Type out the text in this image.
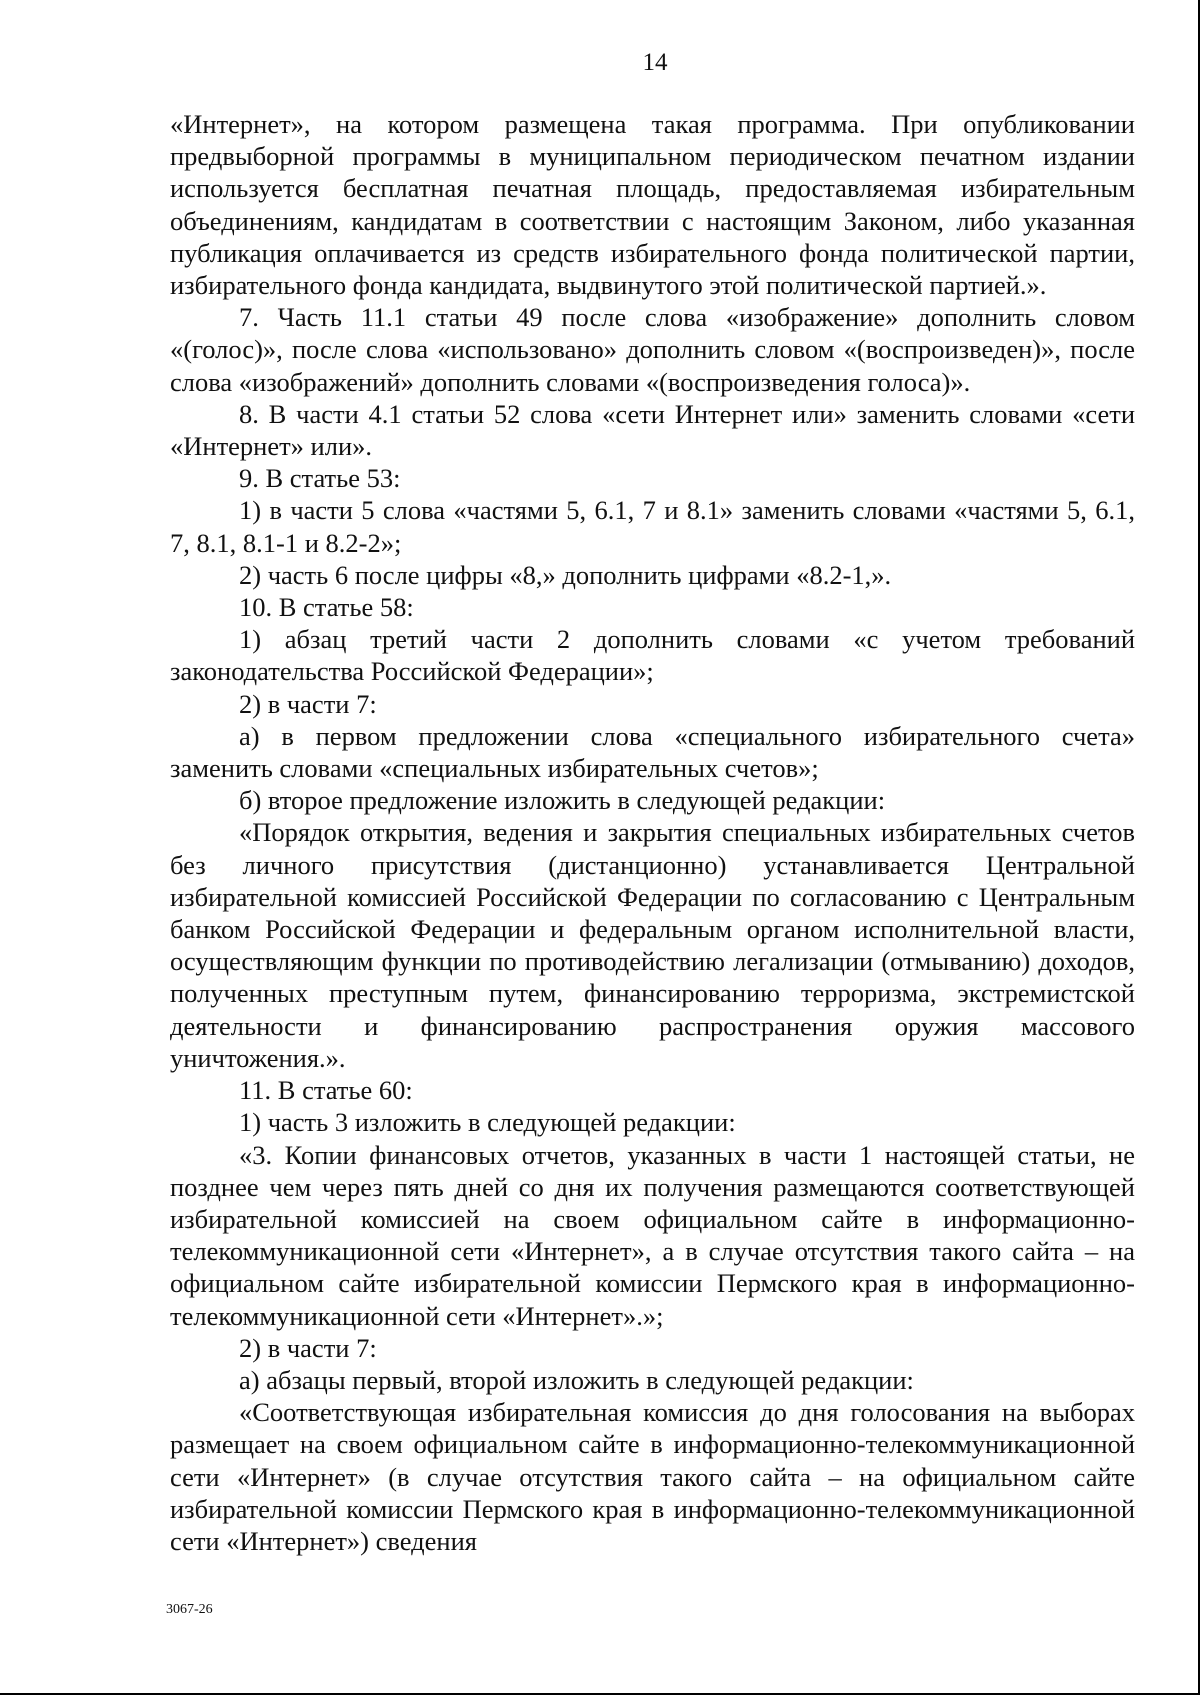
14

«Интернет», на котором размещена такая программа. При опубликовании предвыборной программы в муниципальном периодическом печатном издании используется бесплатная печатная площадь, предоставляемая избирательным объединениям, кандидатам в соответствии с настоящим Законом, либо указанная публикация оплачивается из средств избирательного фонда политической партии, избирательного фонда кандидата, выдвинутого этой политической партией.».

7. Часть 11.1 статьи 49 после слова «изображение» дополнить словом «(голос)», после слова «использовано» дополнить словом «(воспроизведен)», после слова «изображений» дополнить словами «(воспроизведения голоса)».

8. В части 4.1 статьи 52 слова «сети Интернет или» заменить словами «сети «Интернет» или».

9. В статье 53:

1) в части 5 слова «частями 5, 6.1, 7 и 8.1» заменить словами «частями 5, 6.1, 7, 8.1, 8.1-1 и 8.2-2»;

2) часть 6 после цифры «8,» дополнить цифрами «8.2-1,».

10. В статье 58:

1) абзац третий части 2 дополнить словами «с учетом требований законодательства Российской Федерации»;

2) в части 7:

а) в первом предложении слова «специального избирательного счета» заменить словами «специальных избирательных счетов»;

б) второе предложение изложить в следующей редакции:

«Порядок открытия, ведения и закрытия специальных избирательных счетов без личного присутствия (дистанционно) устанавливается Центральной избирательной комиссией Российской Федерации по согласованию с Центральным банком Российской Федерации и федеральным органом исполнительной власти, осуществляющим функции по противодействию легализации (отмыванию) доходов, полученных преступным путем, финансированию терроризма, экстремистской деятельности и финансированию распространения оружия массового уничтожения.».

11. В статье 60:

1) часть 3 изложить в следующей редакции:

«3. Копии финансовых отчетов, указанных в части 1 настоящей статьи, не позднее чем через пять дней со дня их получения размещаются соответствующей избирательной комиссией на своем официальном сайте в информационно-телекоммуникационной сети «Интернет», а в случае отсутствия такого сайта – на официальном сайте избирательной комиссии Пермского края в информационно-телекоммуникационной сети «Интернет».»;

2) в части 7:

а) абзацы первый, второй изложить в следующей редакции:

«Соответствующая избирательная комиссия до дня голосования на выборах размещает на своем официальном сайте в информационно-телекоммуникационной сети «Интернет» (в случае отсутствия такого сайта – на официальном сайте избирательной комиссии Пермского края в информационно-телекоммуникационной сети «Интернет») сведения

3067-26
